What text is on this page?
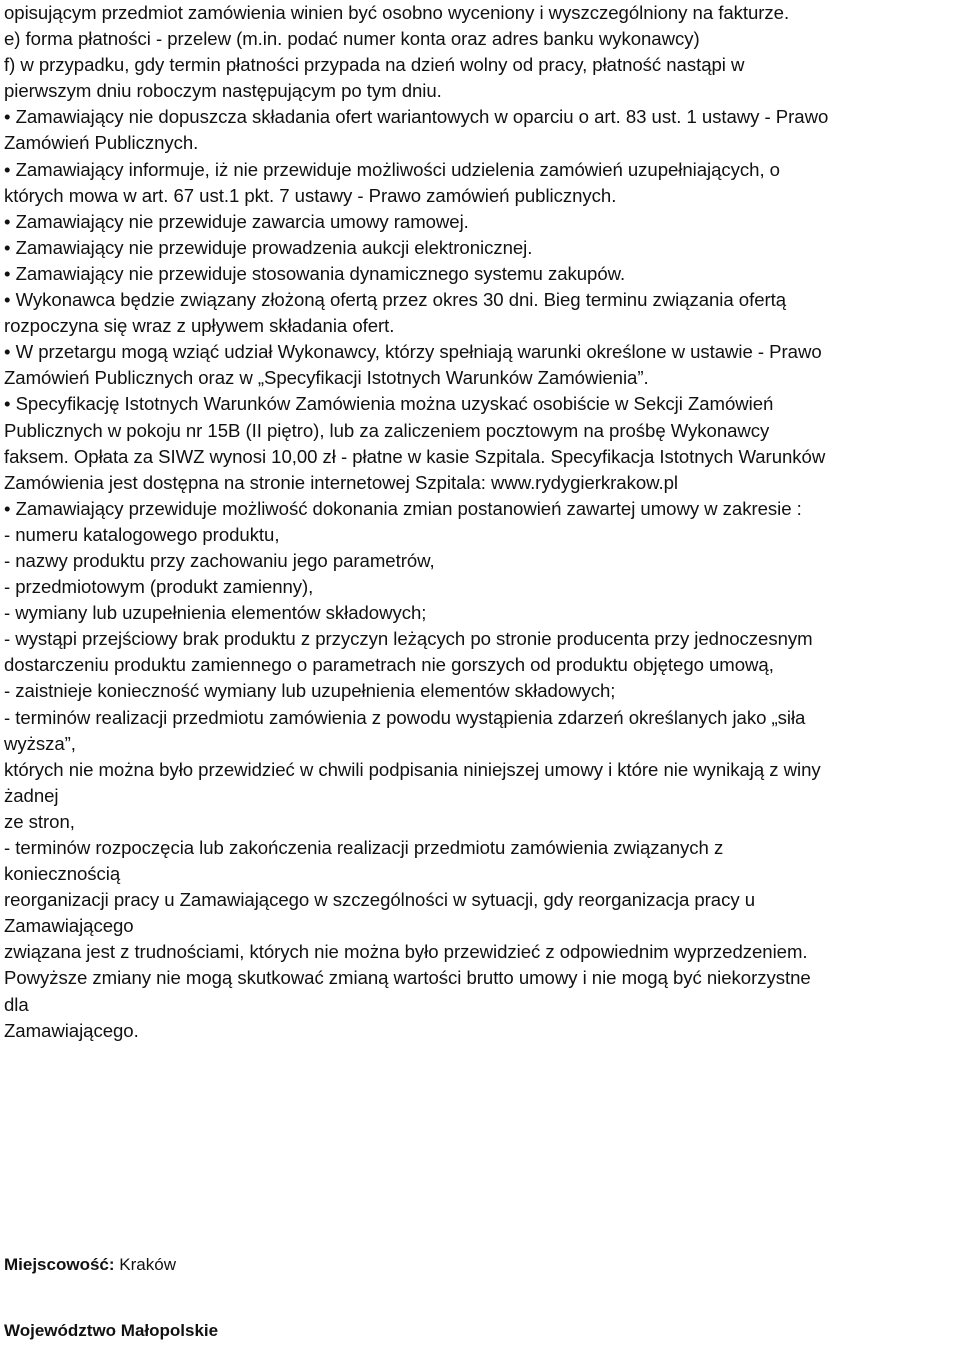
opisującym przedmiot zamówienia winien być osobno wyceniony i wyszczególniony na fakturze.
e) forma płatności - przelew (m.in. podać numer konta oraz adres banku wykonawcy)
f) w przypadku, gdy termin płatności przypada na dzień wolny od pracy, płatność nastąpi w
pierwszym dniu roboczym następującym po tym dniu.
• Zamawiający nie dopuszcza składania ofert wariantowych w oparciu o art. 83 ust. 1 ustawy - Prawo
Zamówień Publicznych.
• Zamawiający informuje, iż nie przewiduje możliwości udzielenia zamówień uzupełniających, o
których mowa w art. 67 ust.1 pkt. 7 ustawy - Prawo zamówień publicznych.
• Zamawiający nie przewiduje zawarcia umowy ramowej.
• Zamawiający nie przewiduje prowadzenia aukcji elektronicznej.
• Zamawiający nie przewiduje stosowania dynamicznego systemu zakupów.
• Wykonawca będzie związany złożoną ofertą przez okres 30 dni. Bieg terminu związania ofertą
rozpoczyna się wraz z upływem składania ofert.
• W przetargu mogą wziąć udział Wykonawcy, którzy spełniają warunki określone w ustawie - Prawo
Zamówień Publicznych oraz w „Specyfikacji Istotnych Warunków Zamówienia”.
• Specyfikację Istotnych Warunków Zamówienia można uzyskać osobiście w Sekcji Zamówień
Publicznych w pokoju nr 15B (II piętro), lub za zaliczeniem pocztowym na prośbę Wykonawcy
faksem. Opłata za SIWZ wynosi 10,00 zł - płatne w kasie Szpitala. Specyfikacja Istotnych Warunków
Zamówienia jest dostępna na stronie internetowej Szpitala: www.rydygierkrakow.pl
• Zamawiający przewiduje możliwość dokonania zmian postanowień zawartej umowy w zakresie :
- numeru katalogowego produktu,
- nazwy produktu przy zachowaniu jego parametrów,
- przedmiotowym (produkt zamienny),
- wymiany lub uzupełnienia elementów składowych;
- wystąpi przejściowy brak produktu z przyczyn leżących po stronie producenta przy jednoczesnym
dostarczeniu produktu zamiennego o parametrach nie gorszych od produktu objętego umową,
- zaistnieje konieczność wymiany lub uzupełnienia elementów składowych;
- terminów realizacji przedmiotu zamówienia z powodu wystąpienia zdarzeń określanych jako „siła
wyższa”,
których nie można było przewidzieć w chwili podpisania niniejszej umowy i które nie wynikają z winy
żadnej
ze stron,
- terminów rozpoczęcia lub zakończenia realizacji przedmiotu zamówienia związanych z
koniecznością
reorganizacji pracy u Zamawiającego w szczególności w sytuacji, gdy reorganizacja pracy u
Zamawiającego
związana jest z trudnościami, których nie można było przewidzieć z odpowiednim wyprzedzeniem.
Powyższe zmiany nie mogą skutkować zmianą wartości brutto umowy i nie mogą być niekorzystne
dla
Zamawiającego.
Miejscowość: Kraków
Województwo Małopolskie
